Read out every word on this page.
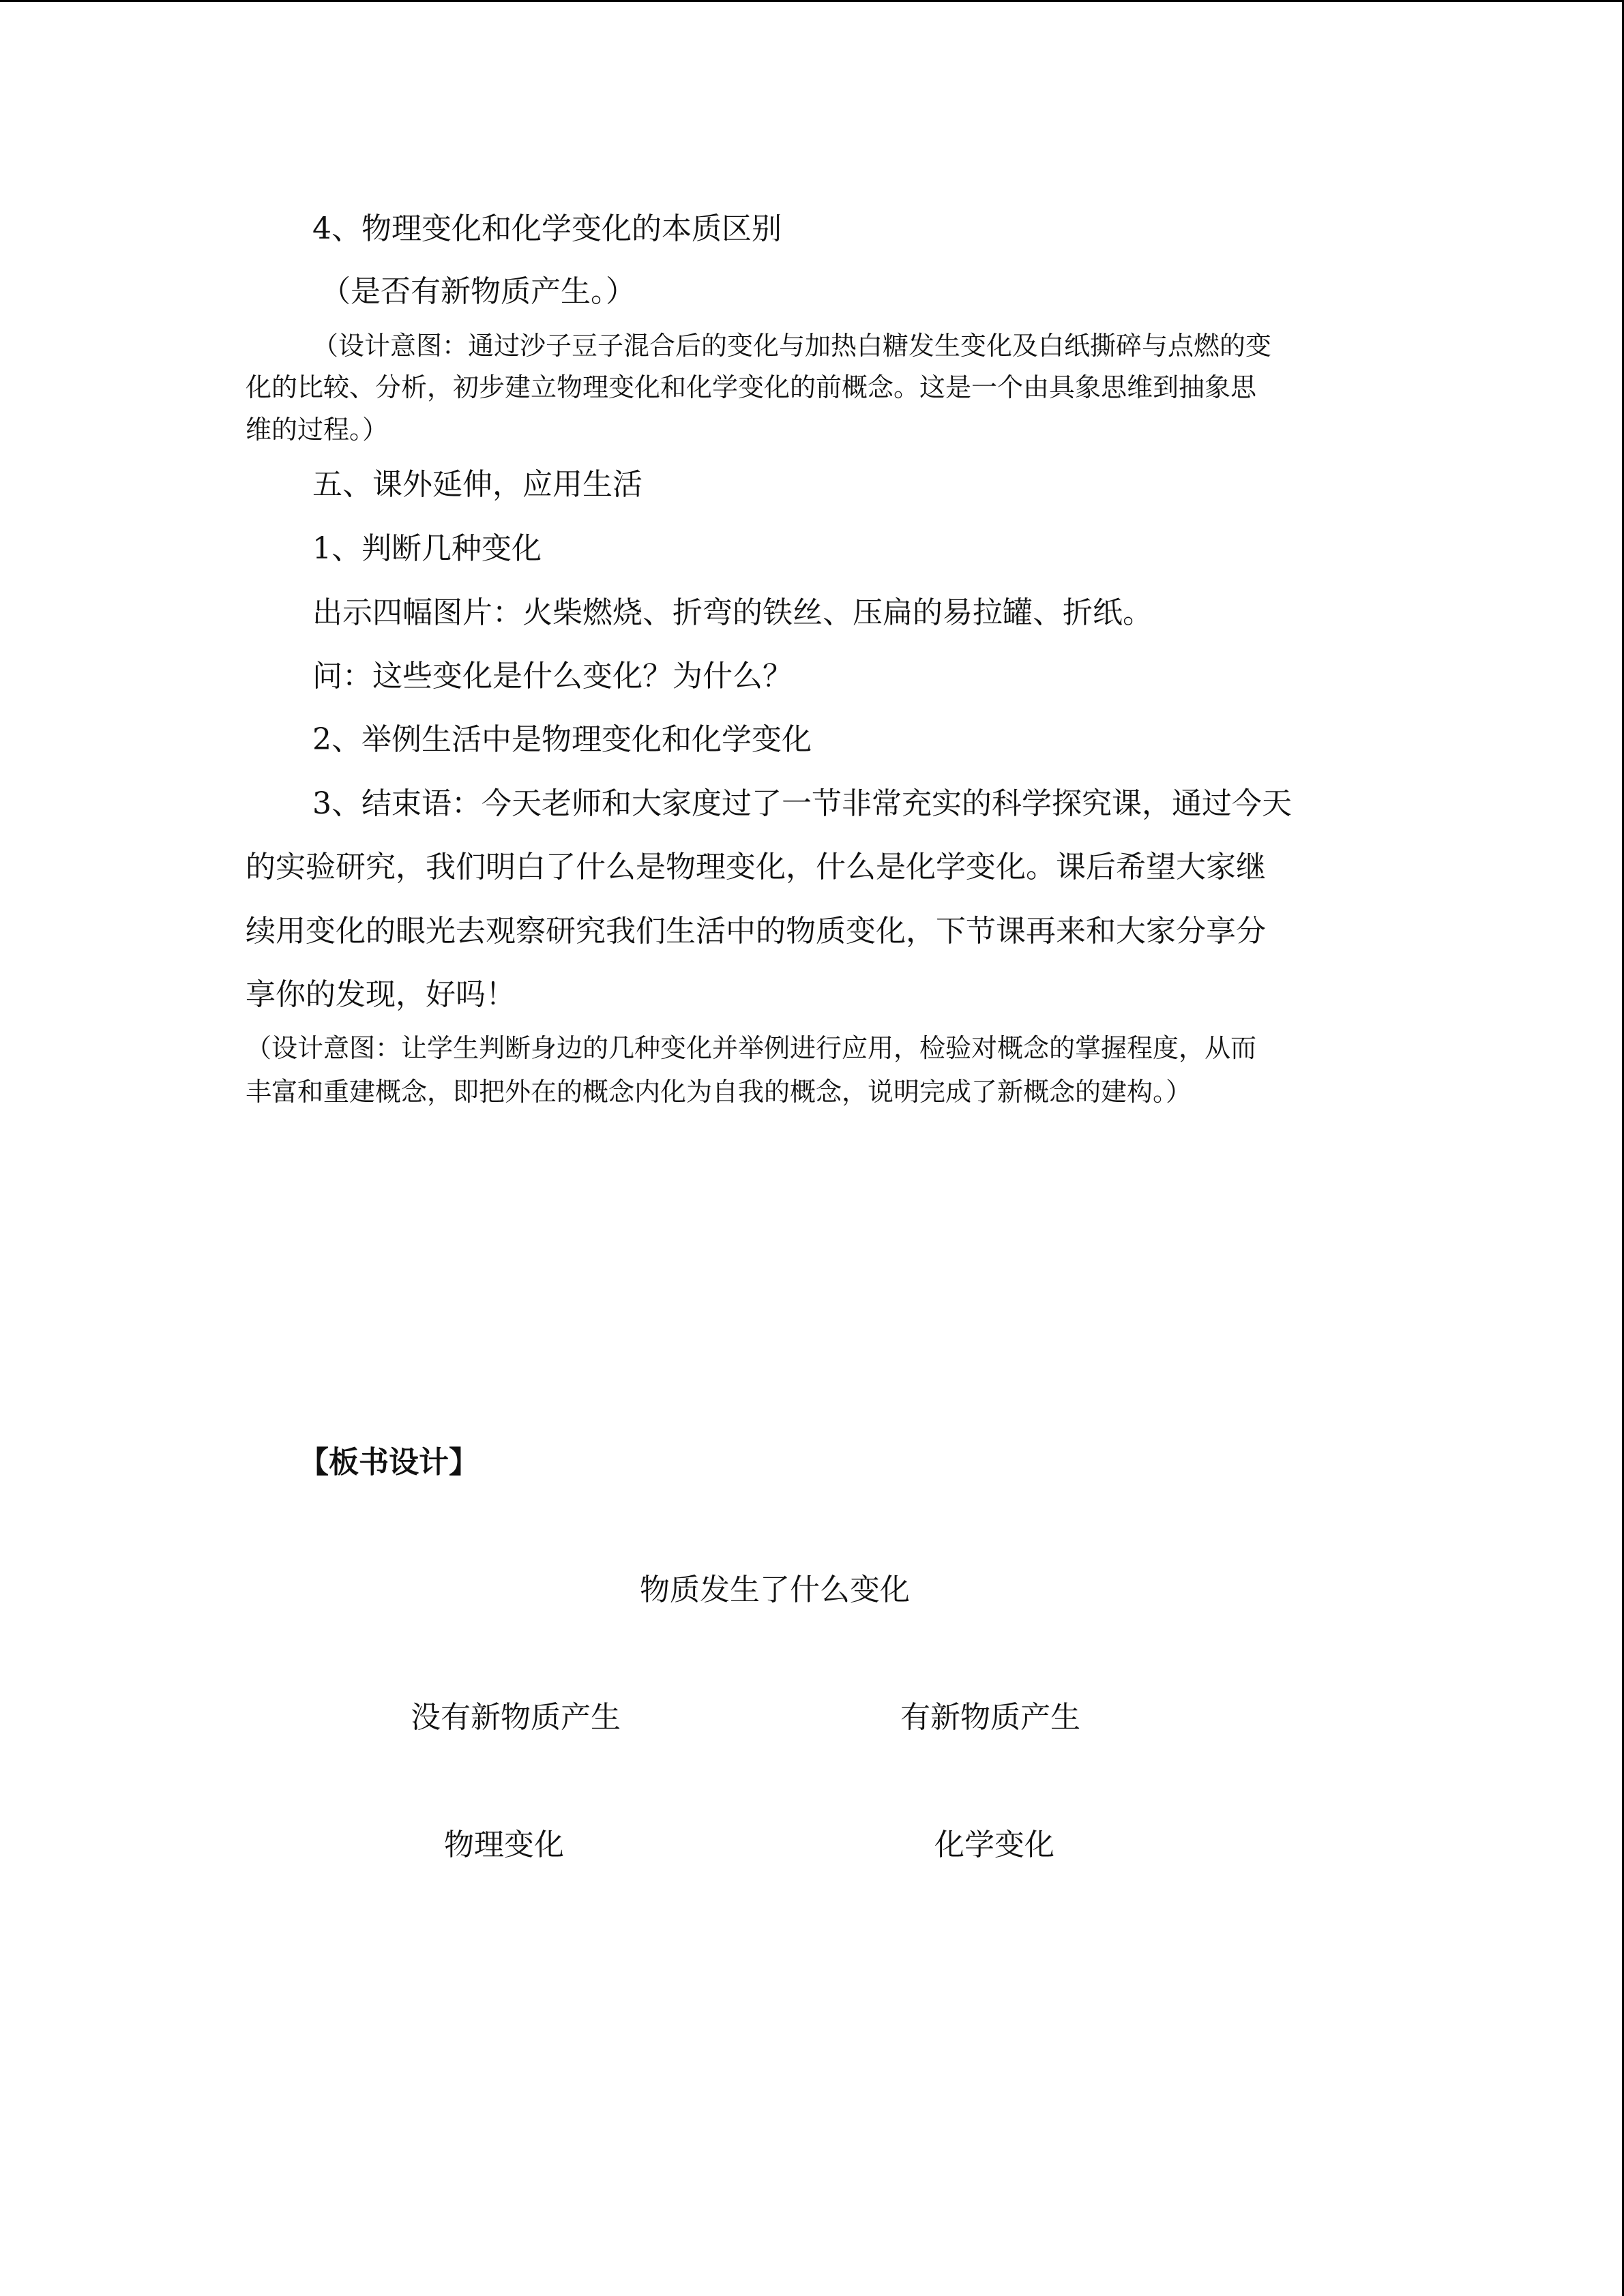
4、物理变化和化学变化的本质区别
（是否有新物质产生。）
（设计意图：通过沙子豆子混合后的变化与加热白糖发生变化及白纸撕碎与点燃的变
化的比较、分析，初步建立物理变化和化学变化的前概念。这是一个由具象思维到抽象思
维的过程。）
五、课外延伸，应用生活
1、判断几种变化
出示四幅图片：火柴燃烧、折弯的铁丝、压扁的易拉罐、折纸。
问：这些变化是什么变化？为什么？
2、举例生活中是物理变化和化学变化
3、结束语：今天老师和大家度过了一节非常充实的科学探究课，通过今天
的实验研究，我们明白了什么是物理变化，什么是化学变化。课后希望大家继
续用变化的眼光去观察研究我们生活中的物质变化，下节课再来和大家分享分
享你的发现，好吗！
（设计意图：让学生判断身边的几种变化并举例进行应用，检验对概念的掌握程度，从而
丰富和重建概念，即把外在的概念内化为自我的概念，说明完成了新概念的建构。）
【板书设计】
物质发生了什么变化
没有新物质产生	有新物质产生
物理变化	化学变化
